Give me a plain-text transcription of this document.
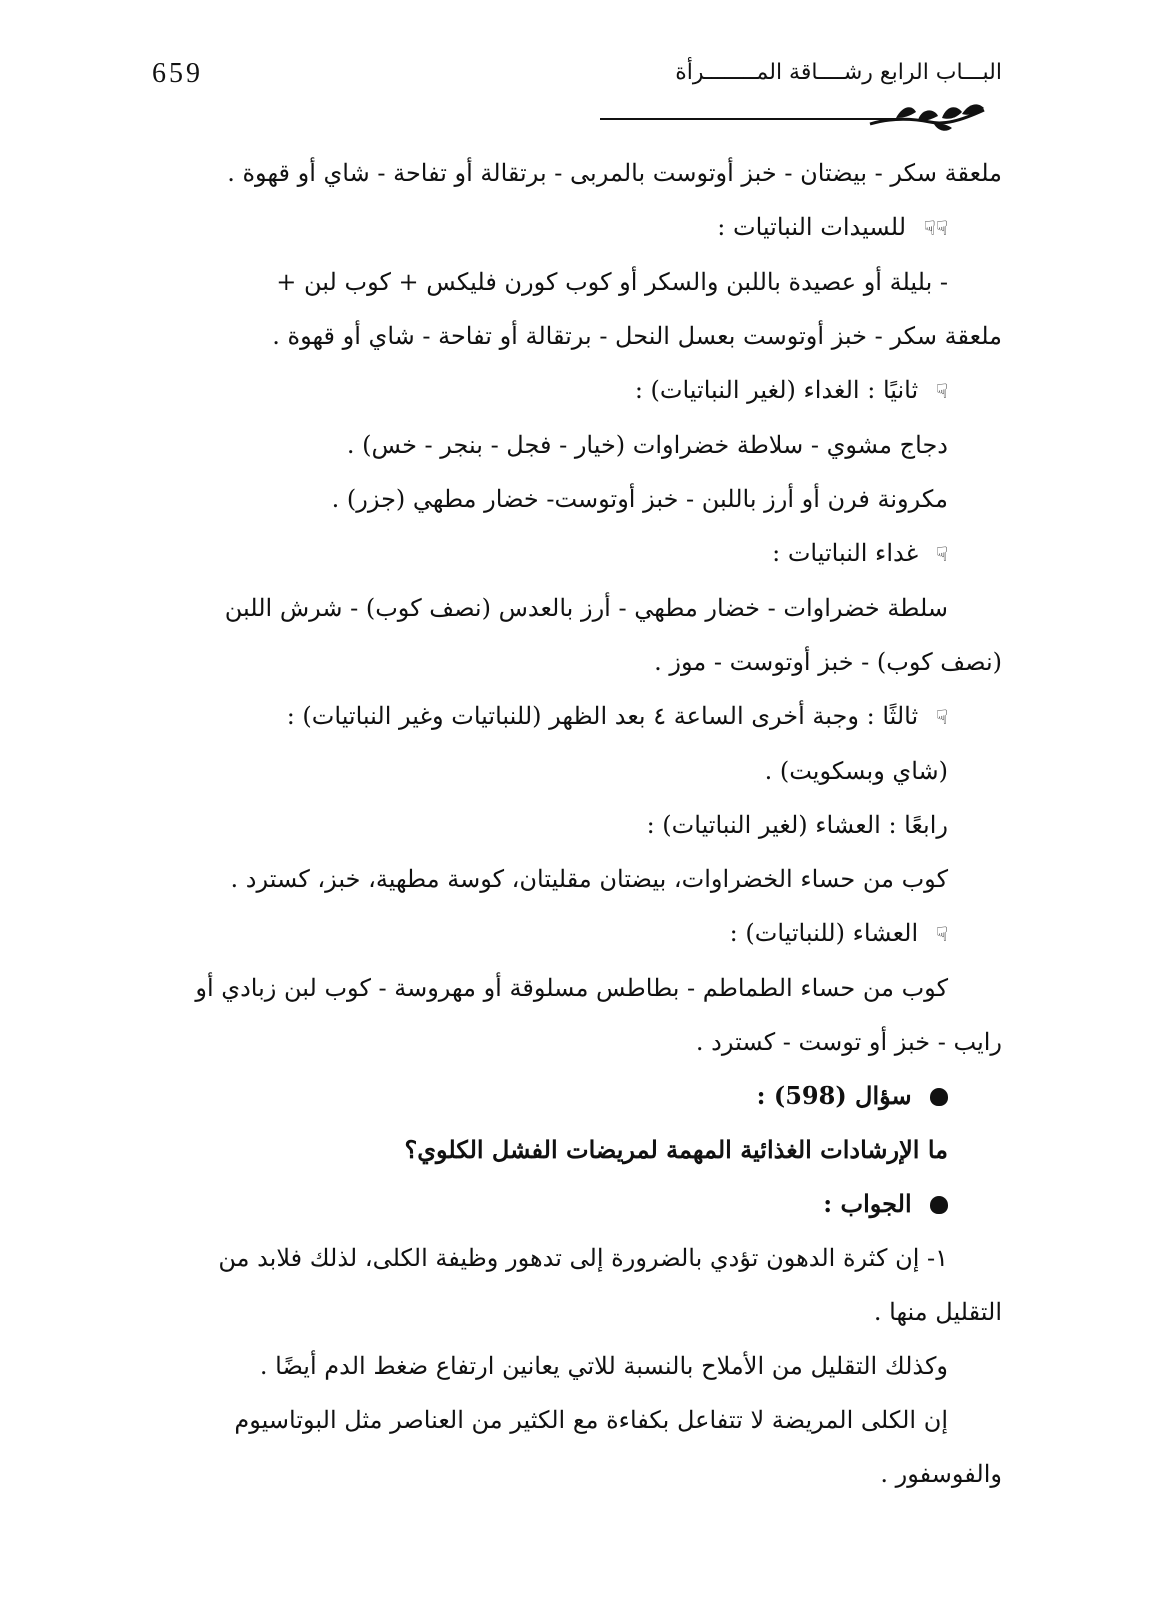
659	البـــاب الرابع رشــــاقة المــــــــرأة
ملعقة سكر - بيضتان - خبز أوتوست بالمربى - برتقالة أو تفاحة - شاي أو قهوة .
☟☟ للسيدات النباتيات :
- بليلة أو عصيدة باللبن والسكر أو كوب كورن فليكس + كوب لبن +
ملعقة سكر - خبز أوتوست بعسل النحل - برتقالة أو تفاحة - شاي أو قهوة .
☟ ثانيًا : الغداء (لغير النباتيات) :
دجاج مشوي - سلاطة خضراوات (خيار - فجل - بنجر - خس) .
مكرونة فرن أو أرز باللبن - خبز أوتوست- خضار مطهي (جزر) .
☟ غداء النباتيات :
سلطة خضراوات - خضار مطهي - أرز بالعدس (نصف كوب) - شرش اللبن
(نصف كوب) - خبز أوتوست - موز .
☟ ثالثًا : وجبة أخرى الساعة ٤ بعد الظهر (للنباتيات وغير النباتيات) :
(شاي وبسكويت) .
رابعًا : العشاء (لغير النباتيات) :
كوب من حساء الخضراوات، بيضتان مقليتان، كوسة مطهية، خبز، كسترد .
☟ العشاء (للنباتيات) :
كوب من حساء الطماطم - بطاطس مسلوقة أو مهروسة - كوب لبن زبادي أو
رايب - خبز أو توست - كسترد .
سؤال (598) :
ما الإرشادات الغذائية المهمة لمريضات الفشل الكلوي؟
الجواب :
١- إن كثرة الدهون تؤدي بالضرورة إلى تدهور وظيفة الكلى، لذلك فلابد من
التقليل منها .
وكذلك التقليل من الأملاح بالنسبة للاتي يعانين ارتفاع ضغط الدم أيضًا .
إن الكلى المريضة لا تتفاعل بكفاءة مع الكثير من العناصر مثل البوتاسيوم
والفوسفور .
